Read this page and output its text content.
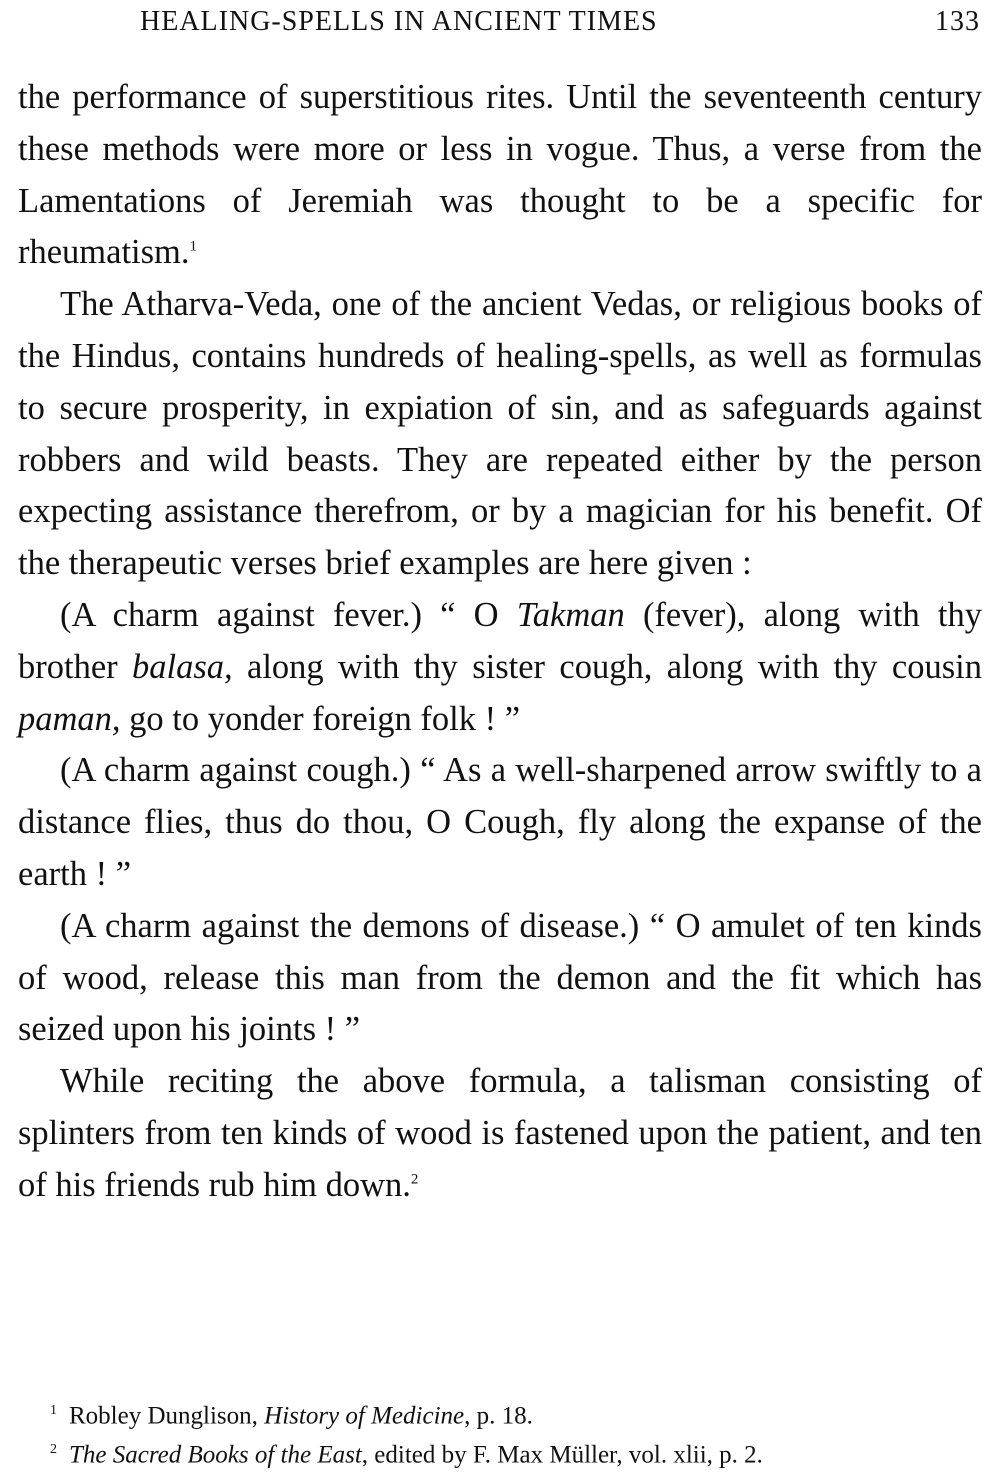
HEALING-SPELLS IN ANCIENT TIMES	133

the performance of superstitious rites. Until the seventeenth century these methods were more or less in vogue. Thus, a verse from the Lamentations of Jeremiah was thought to be a specific for rheumatism.$^1$

The Atharva-Veda, one of the ancient Vedas, or religious books of the Hindus, contains hundreds of healing-spells, as well as formulas to secure prosperity, in expiation of sin, and as safeguards against robbers and wild beasts. They are repeated either by the person expecting assistance therefrom, or by a magician for his benefit. Of the therapeutic verses brief examples are here given :

(A charm against fever.) “ O Takman (fever), along with thy brother balasa, along with thy sister cough, along with thy cousin paman, go to yonder foreign folk ! ”

(A charm against cough.) “ As a well-sharpened arrow swiftly to a distance flies, thus do thou, O Cough, fly along the expanse of the earth ! ”

(A charm against the demons of disease.) “ O amulet of ten kinds of wood, release this man from the demon and the fit which has seized upon his joints ! ”

While reciting the above formula, a talisman consisting of splinters from ten kinds of wood is fastened upon the patient, and ten of his friends rub him down.$^2$

$^1$ Robley Dunglison, History of Medicine, p. 18.
$^2$ The Sacred Books of the East, edited by F. Max Müller, vol. xlii, p. 2.
